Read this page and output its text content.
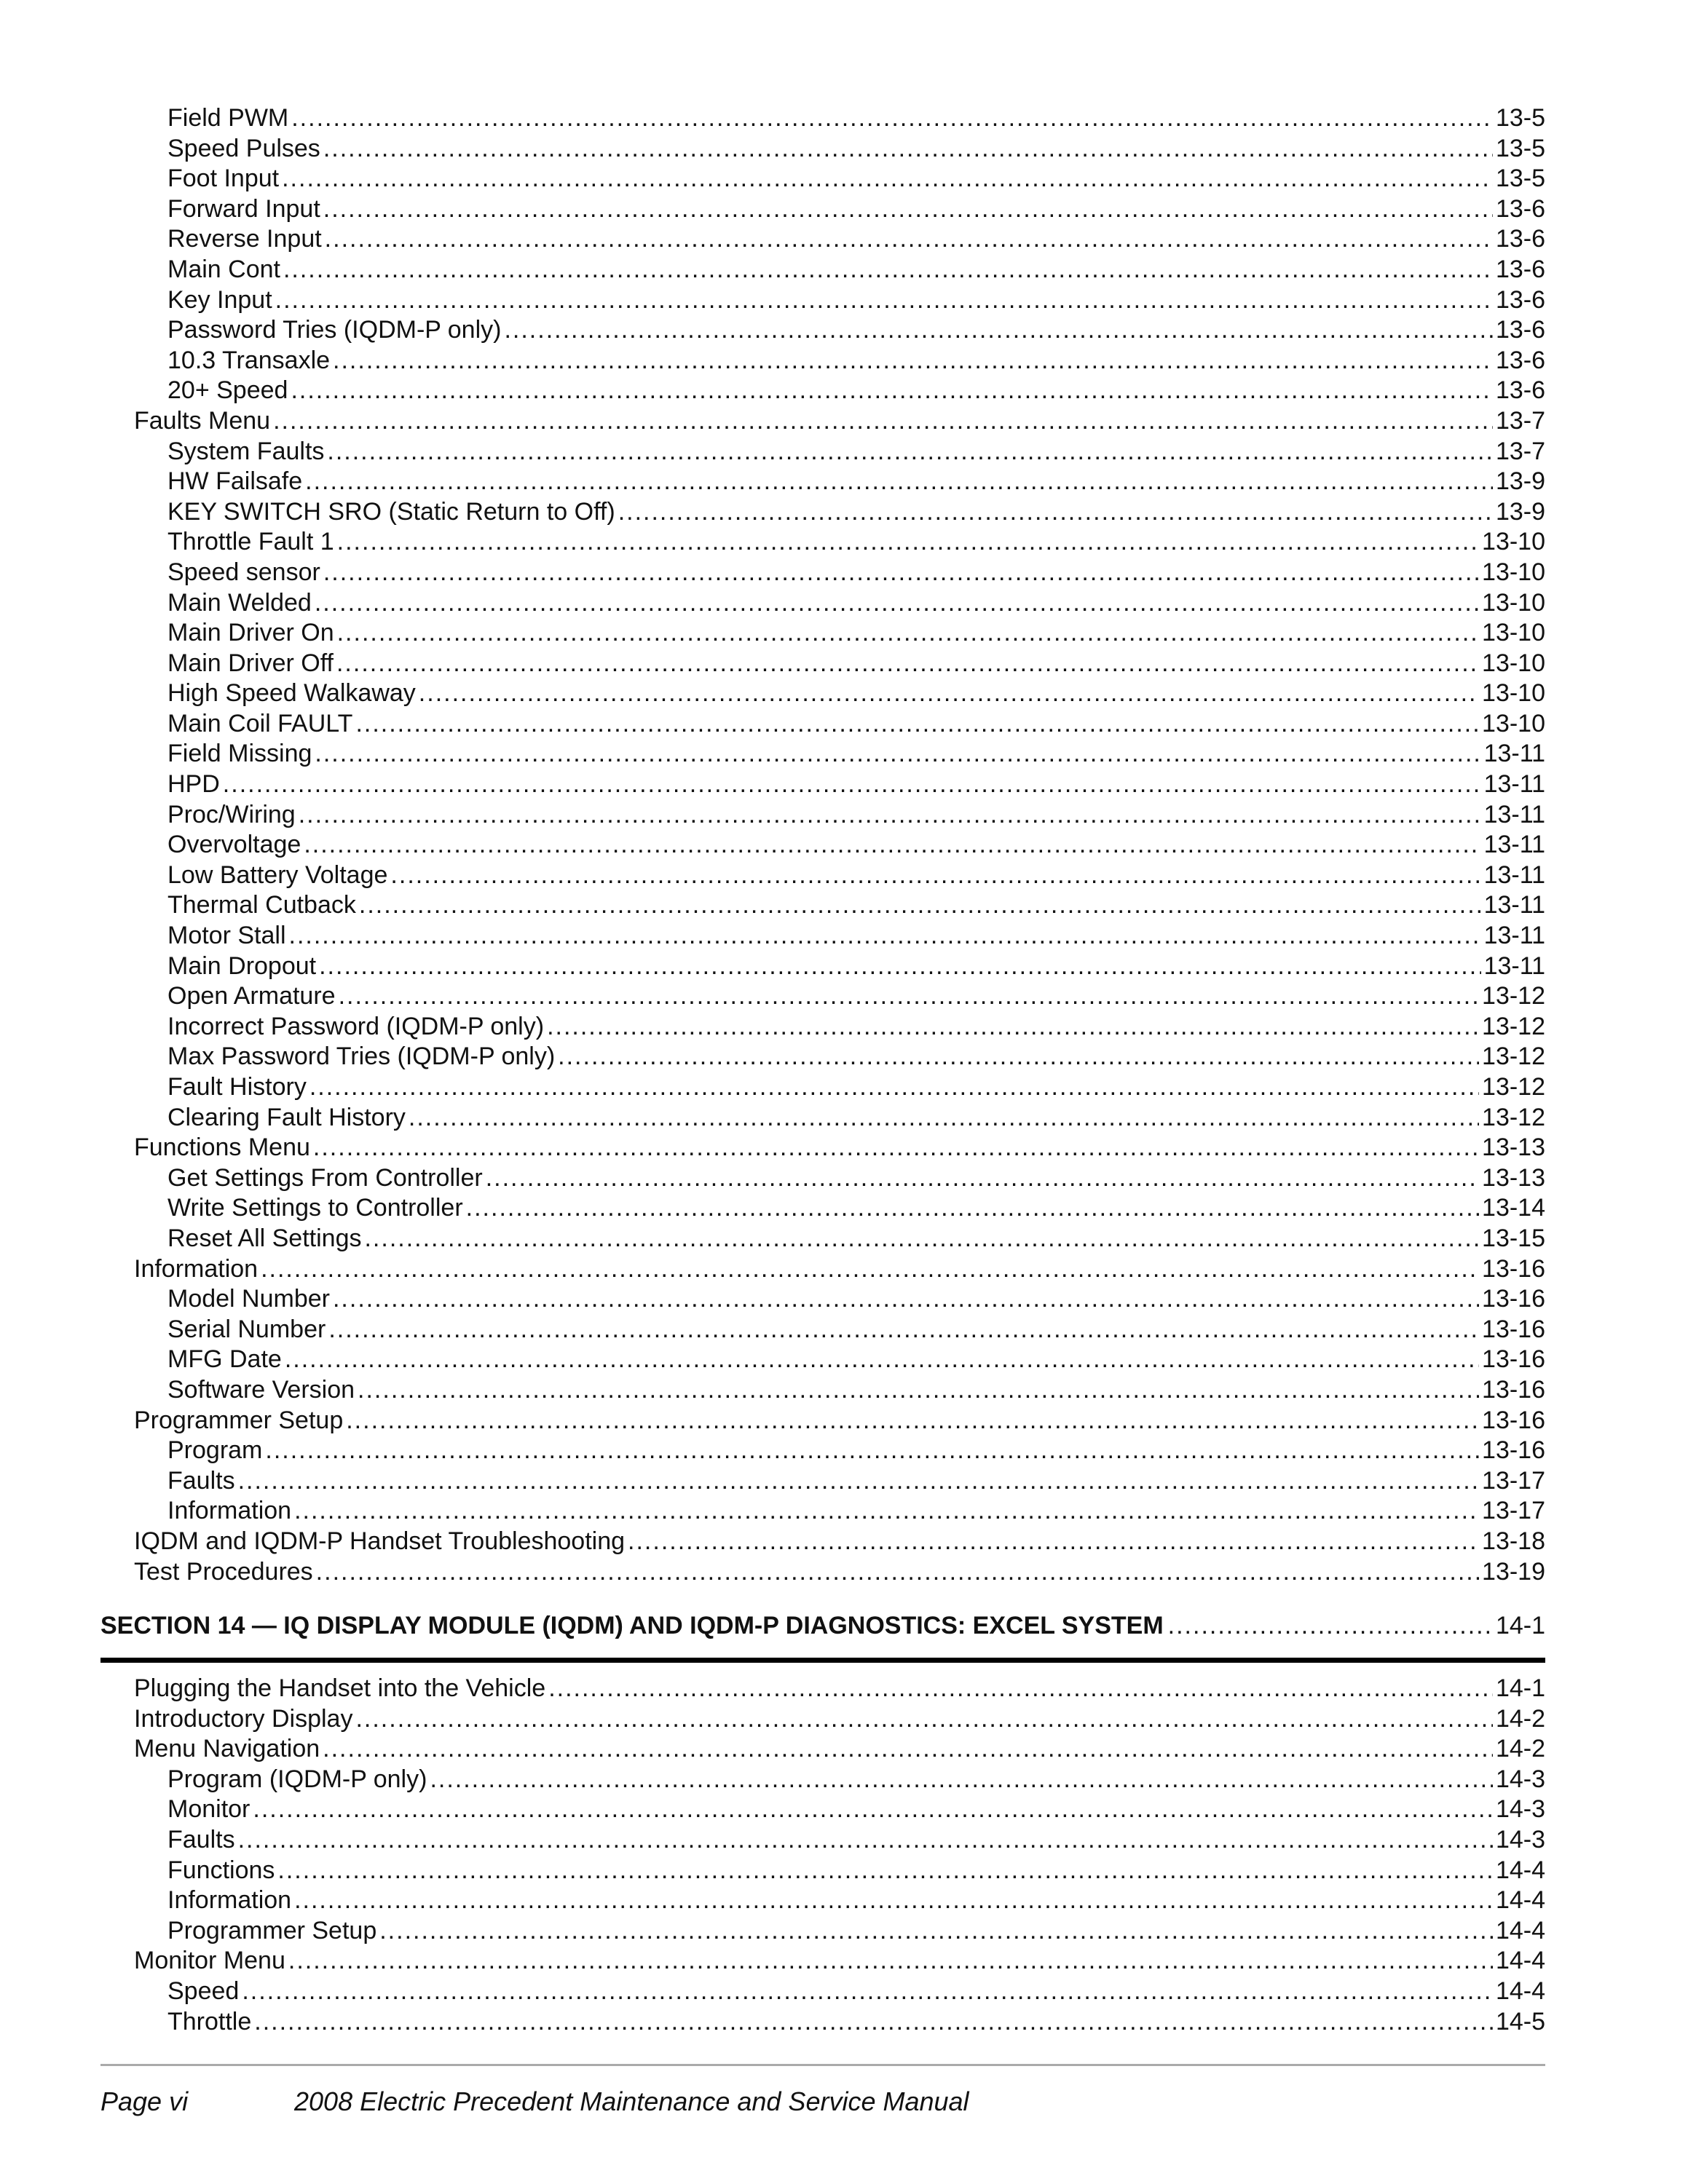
Field PWM .....	13-5
Speed Pulses .....	13-5
Foot Input .....	13-5
Forward Input .....	13-6
Reverse Input .....	13-6
Main Cont .....	13-6
Key Input .....	13-6
Password Tries (IQDM-P only) .....	13-6
10.3 Transaxle .....	13-6
20+ Speed .....	13-6
Faults Menu .....	13-7
System Faults .....	13-7
HW Failsafe .....	13-9
KEY SWITCH SRO (Static Return to Off) .....	13-9
Throttle Fault 1 .....	13-10
Speed sensor .....	13-10
Main Welded .....	13-10
Main Driver On .....	13-10
Main Driver Off .....	13-10
High Speed Walkaway .....	13-10
Main Coil FAULT .....	13-10
Field Missing .....	13-11
HPD .....	13-11
Proc/Wiring .....	13-11
Overvoltage .....	13-11
Low Battery Voltage .....	13-11
Thermal Cutback .....	13-11
Motor Stall .....	13-11
Main Dropout .....	13-11
Open Armature .....	13-12
Incorrect Password (IQDM-P only) .....	13-12
Max Password Tries (IQDM-P only) .....	13-12
Fault History .....	13-12
Clearing Fault History .....	13-12
Functions Menu .....	13-13
Get Settings From Controller .....	13-13
Write Settings to Controller .....	13-14
Reset All Settings .....	13-15
Information .....	13-16
Model Number .....	13-16
Serial Number .....	13-16
MFG Date .....	13-16
Software Version .....	13-16
Programmer Setup .....	13-16
Program .....	13-16
Faults .....	13-17
Information .....	13-17
IQDM and IQDM-P Handset Troubleshooting .....	13-18
Test Procedures .....	13-19
SECTION 14 — IQ DISPLAY MODULE (IQDM) AND IQDM-P DIAGNOSTICS: EXCEL SYSTEM .....	14-1
Plugging the Handset into the Vehicle .....	14-1
Introductory Display .....	14-2
Menu Navigation .....	14-2
Program (IQDM-P only) .....	14-3
Monitor .....	14-3
Faults .....	14-3
Functions .....	14-4
Information .....	14-4
Programmer Setup .....	14-4
Monitor Menu .....	14-4
Speed .....	14-4
Throttle .....	14-5
Page vi	2008 Electric Precedent Maintenance and Service Manual
